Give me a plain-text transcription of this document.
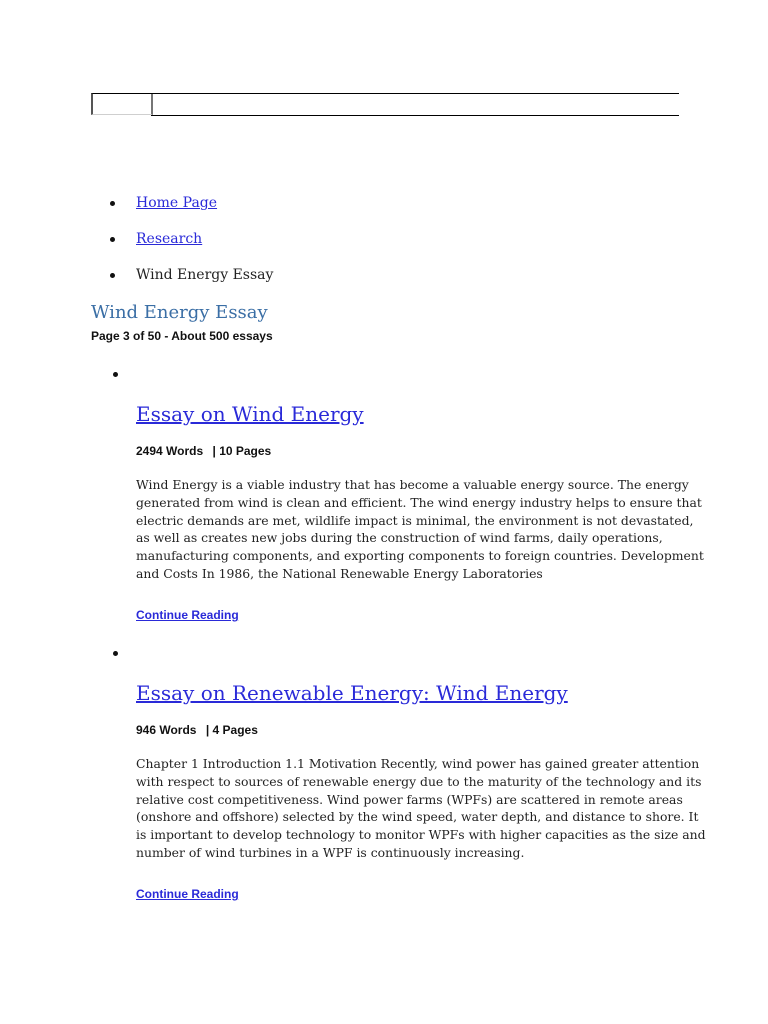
Home Page
Research
Wind Energy Essay
Wind Energy Essay
Page 3 of 50 - About 500 essays
Essay on Wind Energy
2494 Words | 10 Pages

Wind Energy is a viable industry that has become a valuable energy source. The energy generated from wind is clean and efficient. The wind energy industry helps to ensure that electric demands are met, wildlife impact is minimal, the environment is not devastated, as well as creates new jobs during the construction of wind farms, daily operations, manufacturing components, and exporting components to foreign countries. Development and Costs In 1986, the National Renewable Energy Laboratories

Continue Reading
Essay on Renewable Energy: Wind Energy
946 Words | 4 Pages

Chapter 1 Introduction 1.1 Motivation Recently, wind power has gained greater attention with respect to sources of renewable energy due to the maturity of the technology and its relative cost competitiveness. Wind power farms (WPFs) are scattered in remote areas (onshore and offshore) selected by the wind speed, water depth, and distance to shore. It is important to develop technology to monitor WPFs with higher capacities as the size and number of wind turbines in a WPF is continuously increasing.

Continue Reading
